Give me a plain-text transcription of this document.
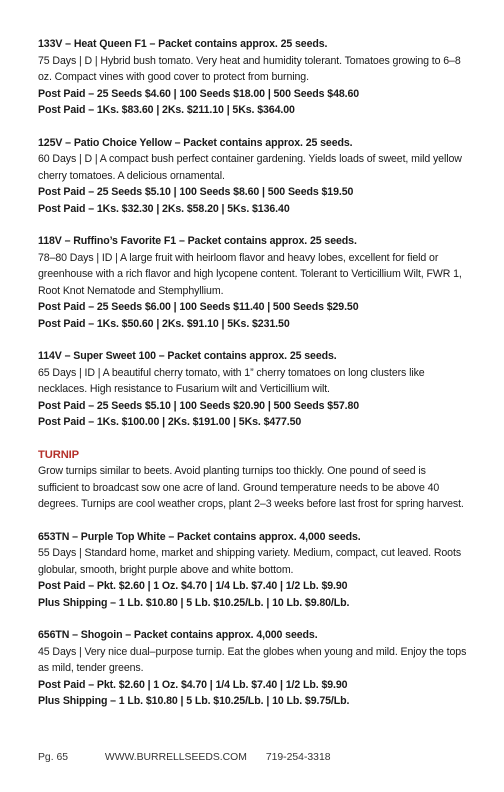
133V – Heat Queen F1 – Packet contains approx. 25 seeds.
75 Days | D | Hybrid bush tomato. Very heat and humidity tolerant. Tomatoes growing to 6–8 oz. Compact vines with good cover to protect from burning.
Post Paid – 25 Seeds $4.60 | 100 Seeds $18.00 | 500 Seeds $48.60
Post Paid – 1Ks. $83.60 | 2Ks. $211.10 | 5Ks. $364.00
125V – Patio Choice Yellow – Packet contains approx. 25 seeds.
60 Days | D | A compact bush perfect container gardening. Yields loads of sweet, mild yellow cherry tomatoes. A delicious ornamental.
Post Paid – 25 Seeds $5.10 | 100 Seeds $8.60 | 500 Seeds $19.50
Post Paid – 1Ks. $32.30 | 2Ks. $58.20 | 5Ks. $136.40
118V – Ruffino’s Favorite F1 – Packet contains approx. 25 seeds.
78–80 Days | ID | A large fruit with heirloom flavor and heavy lobes, excellent for field or greenhouse with a rich flavor and high lycopene content. Tolerant to Verticillium Wilt, FWR 1, Root Knot Nematode and Stemphyllium.
Post Paid – 25 Seeds $6.00 | 100 Seeds $11.40 | 500 Seeds $29.50
Post Paid – 1Ks. $50.60 | 2Ks. $91.10 | 5Ks. $231.50
114V – Super Sweet 100 – Packet contains approx. 25 seeds.
65 Days | ID | A beautiful cherry tomato, with 1” cherry tomatoes on long clusters like necklaces. High resistance to Fusarium wilt and Verticillium wilt.
Post Paid – 25 Seeds $5.10 | 100 Seeds $20.90 | 500 Seeds $57.80
Post Paid – 1Ks. $100.00 | 2Ks. $191.00 | 5Ks. $477.50
TURNIP
Grow turnips similar to beets. Avoid planting turnips too thickly. One pound of seed is sufficient to broadcast sow one acre of land. Ground temperature needs to be above 40 degrees. Turnips are cool weather crops, plant 2–3 weeks before last frost for spring harvest.
653TN – Purple Top White – Packet contains approx. 4,000 seeds.
55 Days | Standard home, market and shipping variety. Medium, compact, cut leaved. Roots globular, smooth, bright purple above and white bottom.
Post Paid – Pkt. $2.60 | 1 Oz. $4.70 | 1/4 Lb. $7.40 | 1/2 Lb. $9.90
Plus Shipping – 1 Lb. $10.80 | 5 Lb. $10.25/Lb. | 10 Lb. $9.80/Lb.
656TN – Shogoin – Packet contains approx. 4,000 seeds.
45 Days | Very nice dual–purpose turnip. Eat the globes when young and mild. Enjoy the tops as mild, tender greens.
Post Paid – Pkt. $2.60 | 1 Oz. $4.70 | 1/4 Lb. $7.40 | 1/2 Lb. $9.90
Plus Shipping – 1 Lb. $10.80 | 5 Lb. $10.25/Lb. | 10 Lb. $9.75/Lb.
Pg. 65	WWW.BURRELLSEEDS.COM 719-254-3318
